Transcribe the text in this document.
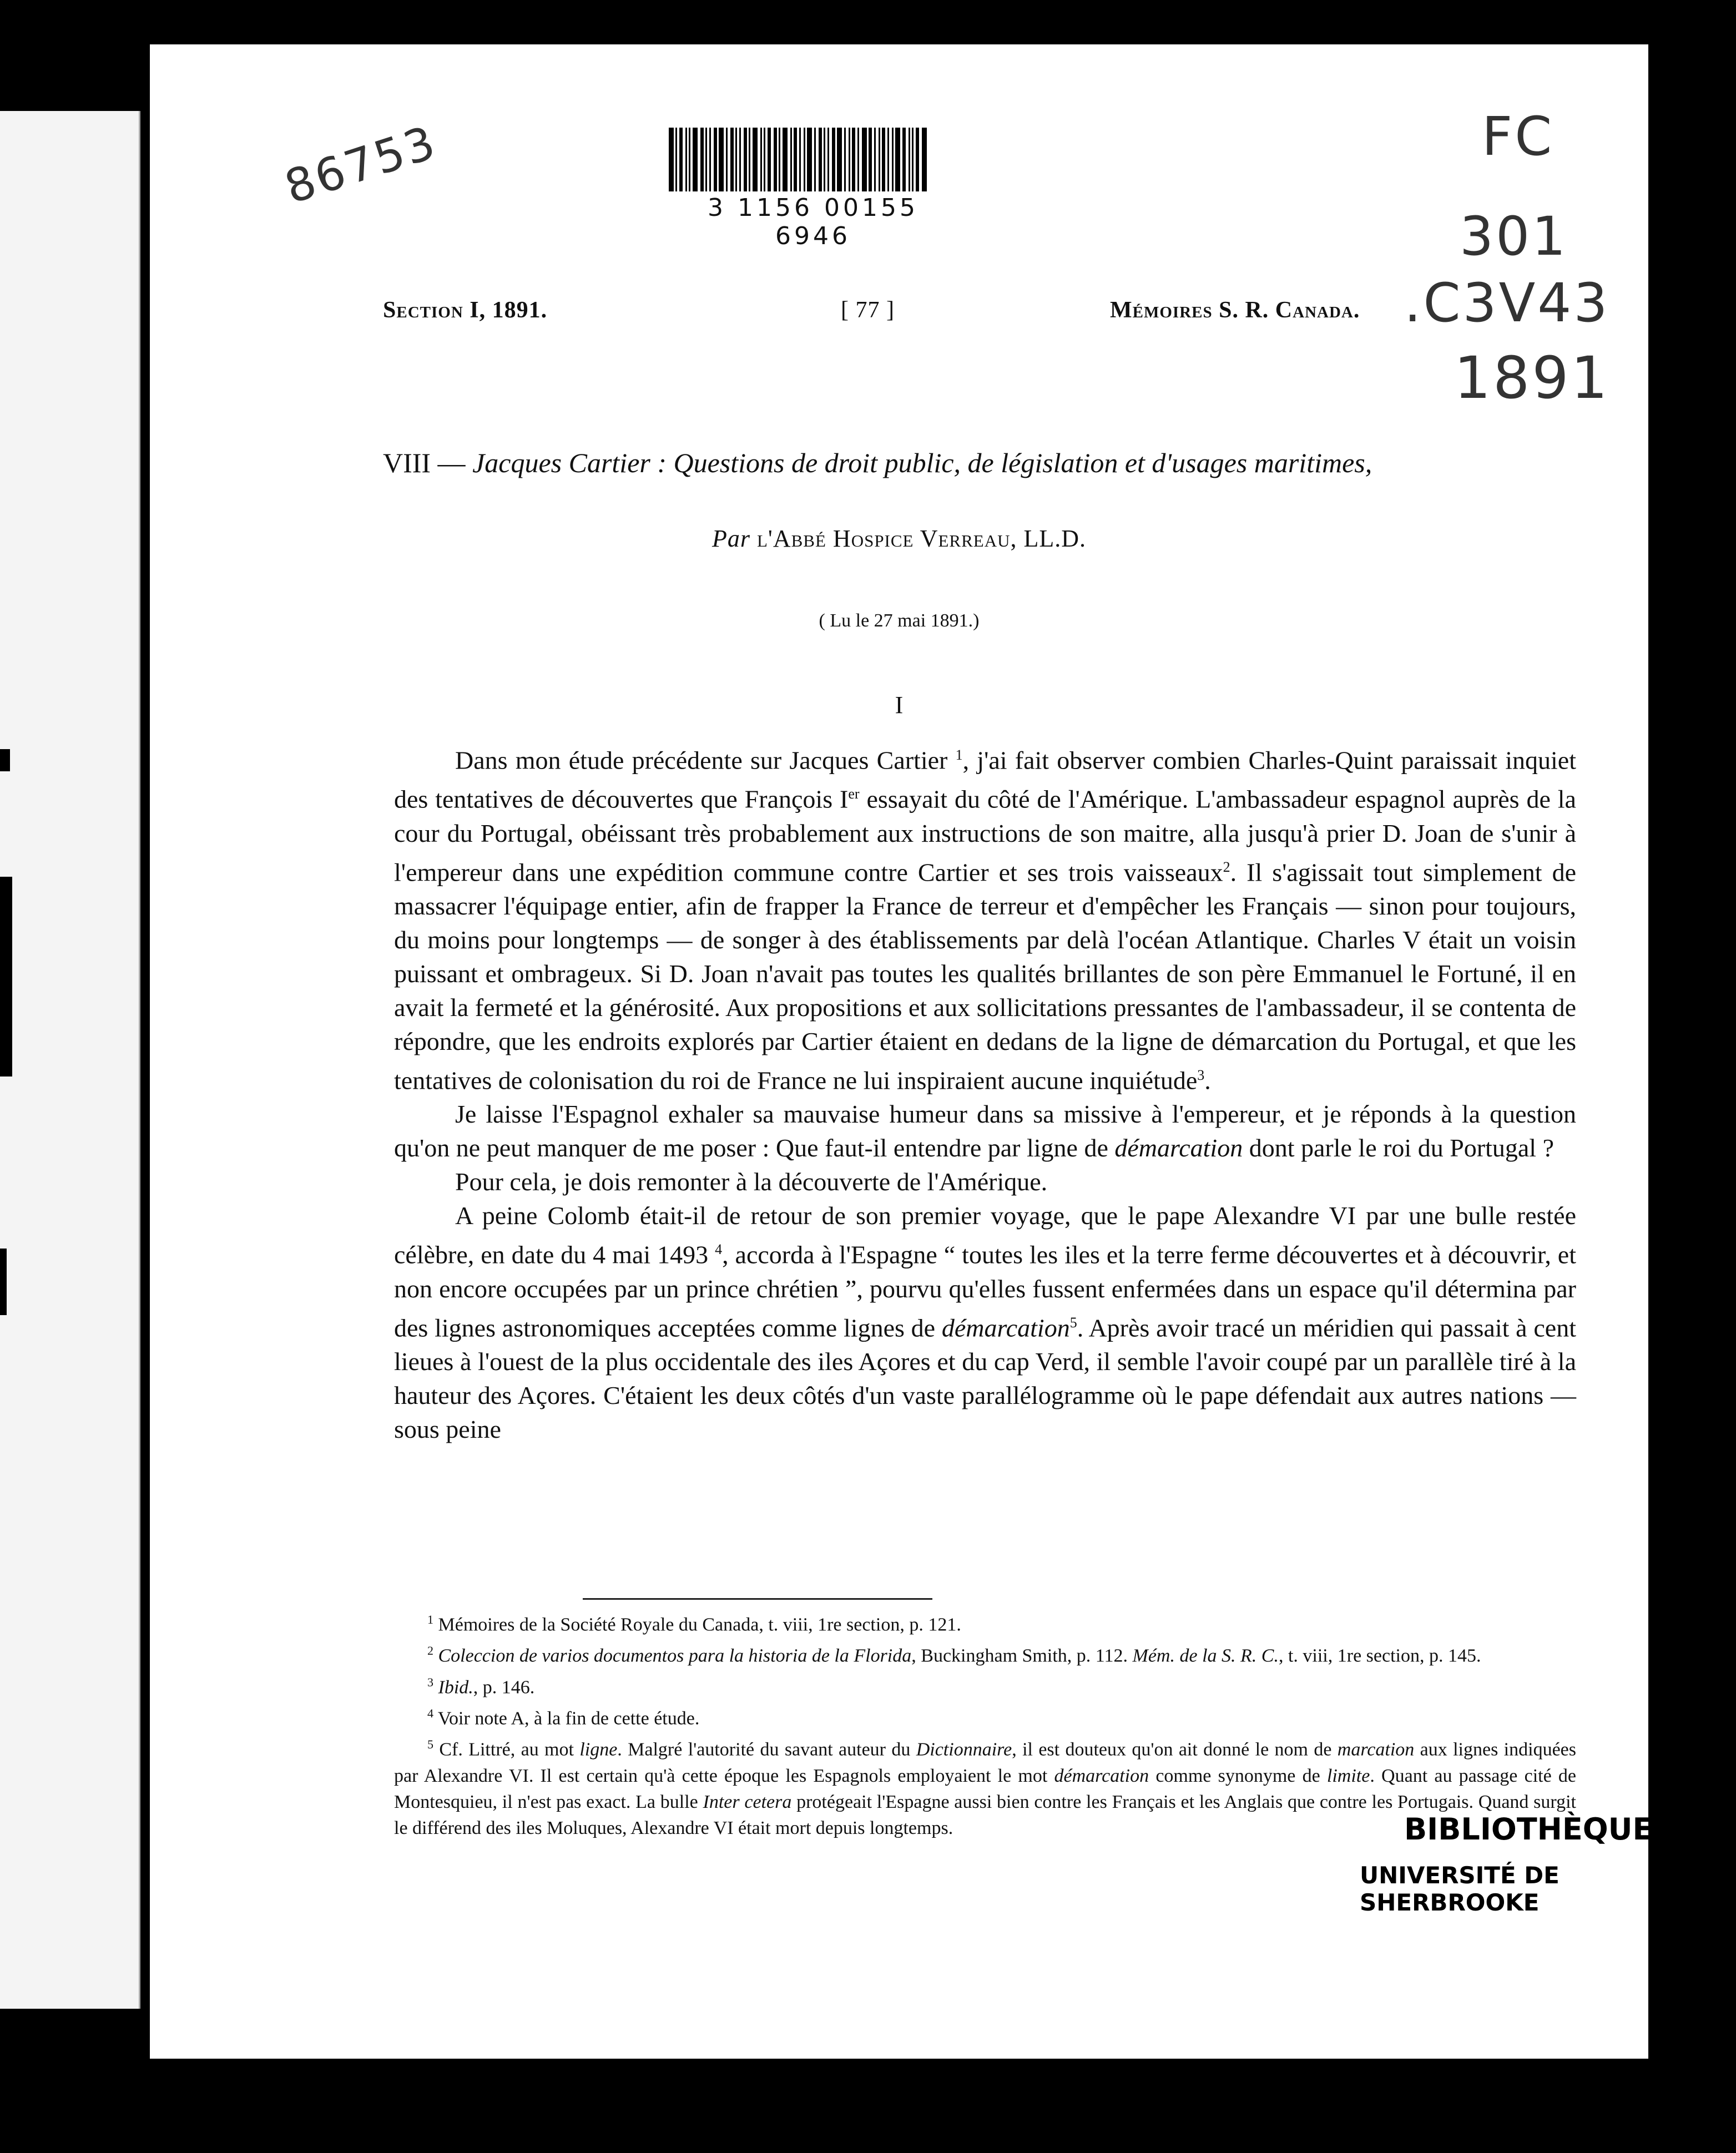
86753	FC
301
.C3V43
1891
3 1156 00155 6946
Section I, 1891.	[ 77 ]	Mémoires S. R. Canada.
VIII — Jacques Cartier : Questions de droit public, de législation et d'usages maritimes,
Par l'Abbé Hospice Verreau, LL.D.
( Lu le 27 mai 1891.)
I

Dans mon étude précédente sur Jacques Cartier $^1$, j'ai fait observer combien Charles-Quint paraissait inquiet des tentatives de découvertes que François Ier essayait du côté de l'Amérique. L'ambassadeur espagnol auprès de la cour du Portugal, obéissant très probablement aux instructions de son maitre, alla jusqu'à prier D. Joan de s'unir à l'empereur dans une expédition commune contre Cartier et ses trois vaisseaux$^2$. Il s'agissait tout simplement de massacrer l'équipage entier, afin de frapper la France de terreur et d'empêcher les Français — sinon pour toujours, du moins pour longtemps — de songer à des établissements par delà l'océan Atlantique. Charles V était un voisin puissant et ombrageux. Si D. Joan n'avait pas toutes les qualités brillantes de son père Emmanuel le Fortuné, il en avait la fermeté et la générosité. Aux propositions et aux sollicitations pressantes de l'ambassadeur, il se contenta de répondre, que les endroits explorés par Cartier étaient en dedans de la ligne de démarcation du Portugal, et que les tentatives de colonisation du roi de France ne lui inspiraient aucune inquiétude$^3$.

Je laisse l'Espagnol exhaler sa mauvaise humeur dans sa missive à l'empereur, et je réponds à la question qu'on ne peut manquer de me poser : Que faut-il entendre par ligne de démarcation dont parle le roi du Portugal ?

Pour cela, je dois remonter à la découverte de l'Amérique.

A peine Colomb était-il de retour de son premier voyage, que le pape Alexandre VI par une bulle restée célèbre, en date du 4 mai 1493 $^4$, accorda à l'Espagne “ toutes les iles et la terre ferme découvertes et à découvrir, et non encore occupées par un prince chrétien ”, pourvu qu'elles fussent enfermées dans un espace qu'il détermina par des lignes astronomiques acceptées comme lignes de démarcation$^5$. Après avoir tracé un méridien qui passait à cent lieues à l'ouest de la plus occidentale des iles Açores et du cap Verd, il semble l'avoir coupé par un parallèle tiré à la hauteur des Açores. C'étaient les deux côtés d'un vaste parallélogramme où le pape défendait aux autres nations — sous peine

$^1$ Mémoires de la Société Royale du Canada, t. viii, 1re section, p. 121.

$^2$ Coleccion de varios documentos para la historia de la Florida, Buckingham Smith, p. 112. Mém. de la S. R. C., t. viii, 1re section, p. 145.

$^3$ Ibid., p. 146.

$^4$ Voir note A, à la fin de cette étude.

$^5$ Cf. Littré, au mot ligne. Malgré l'autorité du savant auteur du Dictionnaire, il est douteux qu'on ait donné le nom de marcation aux lignes indiquées par Alexandre VI. Il est certain qu'à cette époque les Espagnols employaient le mot démarcation comme synonyme de limite. Quant au passage cité de Montesquieu, il n'est pas exact. La bulle Inter cetera protégeait l'Espagne aussi bien contre les Français et les Anglais que contre les Portugais. Quand surgit le différend des iles Moluques, Alexandre VI était mort depuis longtemps.	BIBLIOTHÈQUE
UNIVERSITÉ DE SHERBROOKE
